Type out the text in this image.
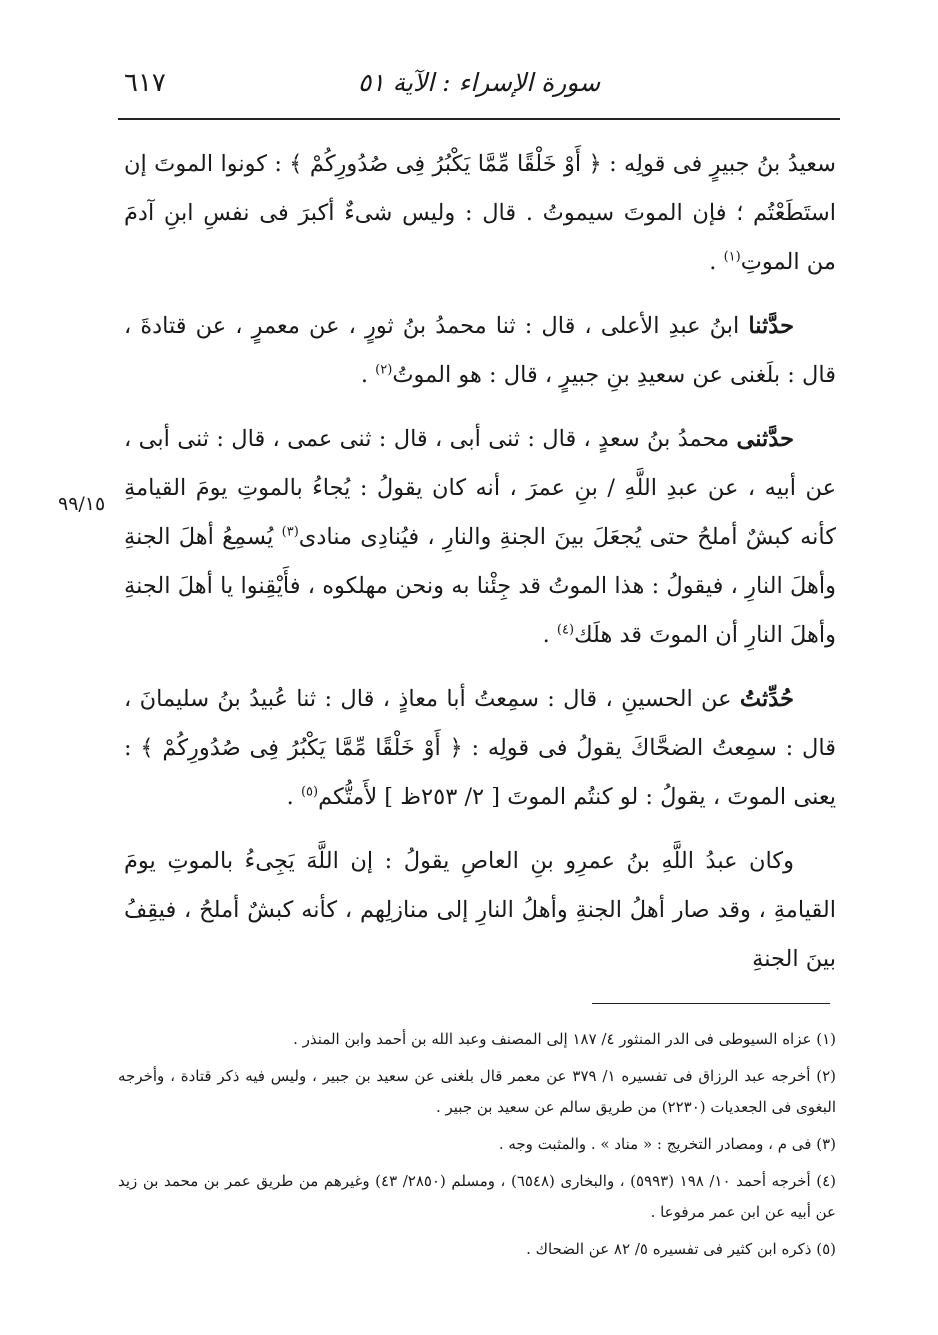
٦١٧	سورة الإسراء : الآية ٥١
٩٩/١٥

سعيدُ بنُ جبيرٍ فى قولِه : ﴿ أَوْ خَلْقًا مِّمَّا يَكْبُرُ فِى صُدُورِكُمْ ﴾ : كونوا الموتَ إن استَطَعْتُم ؛ فإن الموتَ سيموتُ . قال : وليس شىءٌ أكبرَ فى نفسِ ابنِ آدمَ من الموتِ$^{(١)}$ .

حدَّثنا ابنُ عبدِ الأعلى ، قال : ثنا محمدُ بنُ ثورٍ ، عن معمرٍ ، عن قتادةَ ، قال : بلَغنى عن سعيدِ بنِ جبيرٍ ، قال : هو الموتُ$^{(٢)}$ .

حدَّثنى محمدُ بنُ سعدٍ ، قال : ثنى أبى ، قال : ثنى عمى ، قال : ثنى أبى ، عن أبيه ، عن عبدِ اللَّهِ / بنِ عمرَ ، أنه كان يقولُ : يُجاءُ بالموتِ يومَ القيامةِ كأنه كبشٌ أملحُ حتى يُجعَلَ بينَ الجنةِ والنارِ ، فيُنادِى منادى$^{(٣)}$ يُسمِعُ أهلَ الجنةِ وأهلَ النارِ ، فيقولُ : هذا الموتُ قد جِئْنا به ونحن مهلكوه ، فأَيْقِنوا يا أهلَ الجنةِ وأهلَ النارِ أن الموتَ قد هلَك$^{(٤)}$ .

حُدِّثتُ عن الحسينِ ، قال : سمِعتُ أبا معاذٍ ، قال : ثنا عُبيدُ بنُ سليمانَ ، قال : سمِعتُ الضحَّاكَ يقولُ فى قولِه : ﴿ أَوْ خَلْقًا مِّمَّا يَكْبُرُ فِى صُدُورِكُمْ ﴾ : يعنى الموتَ ، يقولُ : لو كنتُم الموتَ [ ٢/ ٢٥٣ظ ] لأَمتُّكم$^{(٥)}$ .

وكان عبدُ اللَّهِ بنُ عمرِو بنِ العاصِ يقولُ : إن اللَّهَ يَجِىءُ بالموتِ يومَ القيامةِ ، وقد صار أهلُ الجنةِ وأهلُ النارِ إلى منازلِهم ، كأنه كبشٌ أملحُ ، فيقِفُ بينَ الجنةِ

(١) عزاه السيوطى فى الدر المنثور ٤/ ١٨٧ إلى المصنف وعبد الله بن أحمد وابن المنذر .

(٢) أخرجه عبد الرزاق فى تفسيره ١/ ٣٧٩ عن معمر قال بلغنى عن سعيد بن جبير ، وليس فيه ذكر قتادة ، وأخرجه البغوى فى الجعديات (٢٢٣٠) من طريق سالم عن سعيد بن جبير .

(٣) فى م ، ومصادر التخريج : « مناد » . والمثبت وجه .

(٤) أخرجه أحمد ١٠/ ١٩٨ (٥٩٩٣) ، والبخارى (٦٥٤٨) ، ومسلم (٢٨٥٠/ ٤٣) وغيرهم من طريق عمر بن محمد بن زيد عن أبيه عن ابن عمر مرفوعا .

(٥) ذكره ابن كثير فى تفسيره ٥/ ٨٢ عن الضحاك .
